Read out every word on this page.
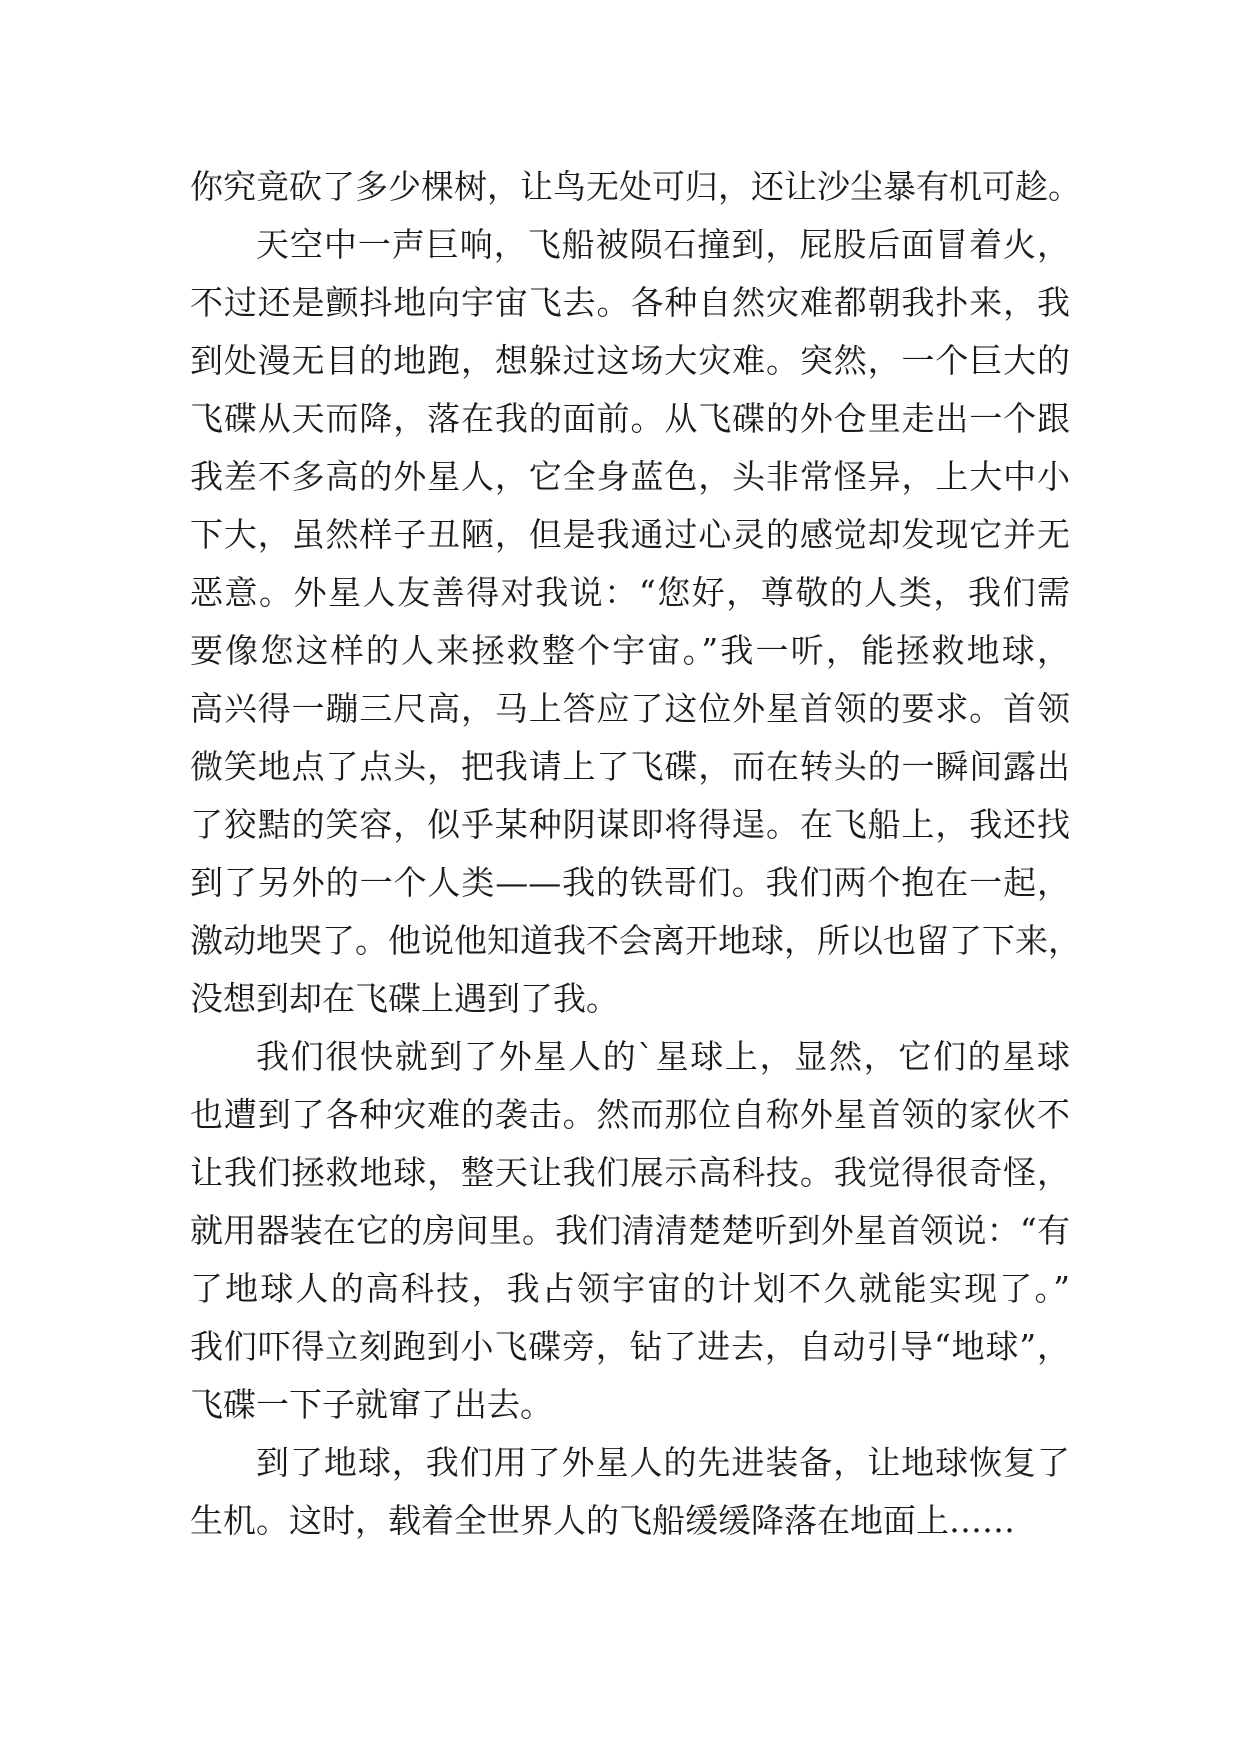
你究竟砍了多少棵树，让鸟无处可归，还让沙尘暴有机可趁。
天空中一声巨响，飞船被陨石撞到，屁股后面冒着火，
不过还是颤抖地向宇宙飞去。各种自然灾难都朝我扑来，我
到处漫无目的地跑，想躲过这场大灾难。突然，一个巨大的
飞碟从天而降，落在我的面前。从飞碟的外仓里走出一个跟
我差不多高的外星人，它全身蓝色，头非常怪异，上大中小
下大，虽然样子丑陋，但是我通过心灵的感觉却发现它并无
恶意。外星人友善得对我说：“您好，尊敬的人类，我们需
要像您这样的人来拯救整个宇宙。”我一听，能拯救地球，
高兴得一蹦三尺高，马上答应了这位外星首领的要求。首领
微笑地点了点头，把我请上了飞碟，而在转头的一瞬间露出
了狡黠的笑容，似乎某种阴谋即将得逞。在飞船上，我还找
到了另外的一个人类——我的铁哥们。我们两个抱在一起，
激动地哭了。他说他知道我不会离开地球，所以也留了下来，
没想到却在飞碟上遇到了我。
我们很快就到了外星人的`星球上，显然，它们的星球
也遭到了各种灾难的袭击。然而那位自称外星首领的家伙不
让我们拯救地球，整天让我们展示高科技。我觉得很奇怪，
就用器装在它的房间里。我们清清楚楚听到外星首领说：“有
了地球人的高科技，我占领宇宙的计划不久就能实现了。”
我们吓得立刻跑到小飞碟旁，钻了进去，自动引导“地球”，
飞碟一下子就窜了出去。
到了地球，我们用了外星人的先进装备，让地球恢复了
生机。这时，载着全世界人的飞船缓缓降落在地面上……
